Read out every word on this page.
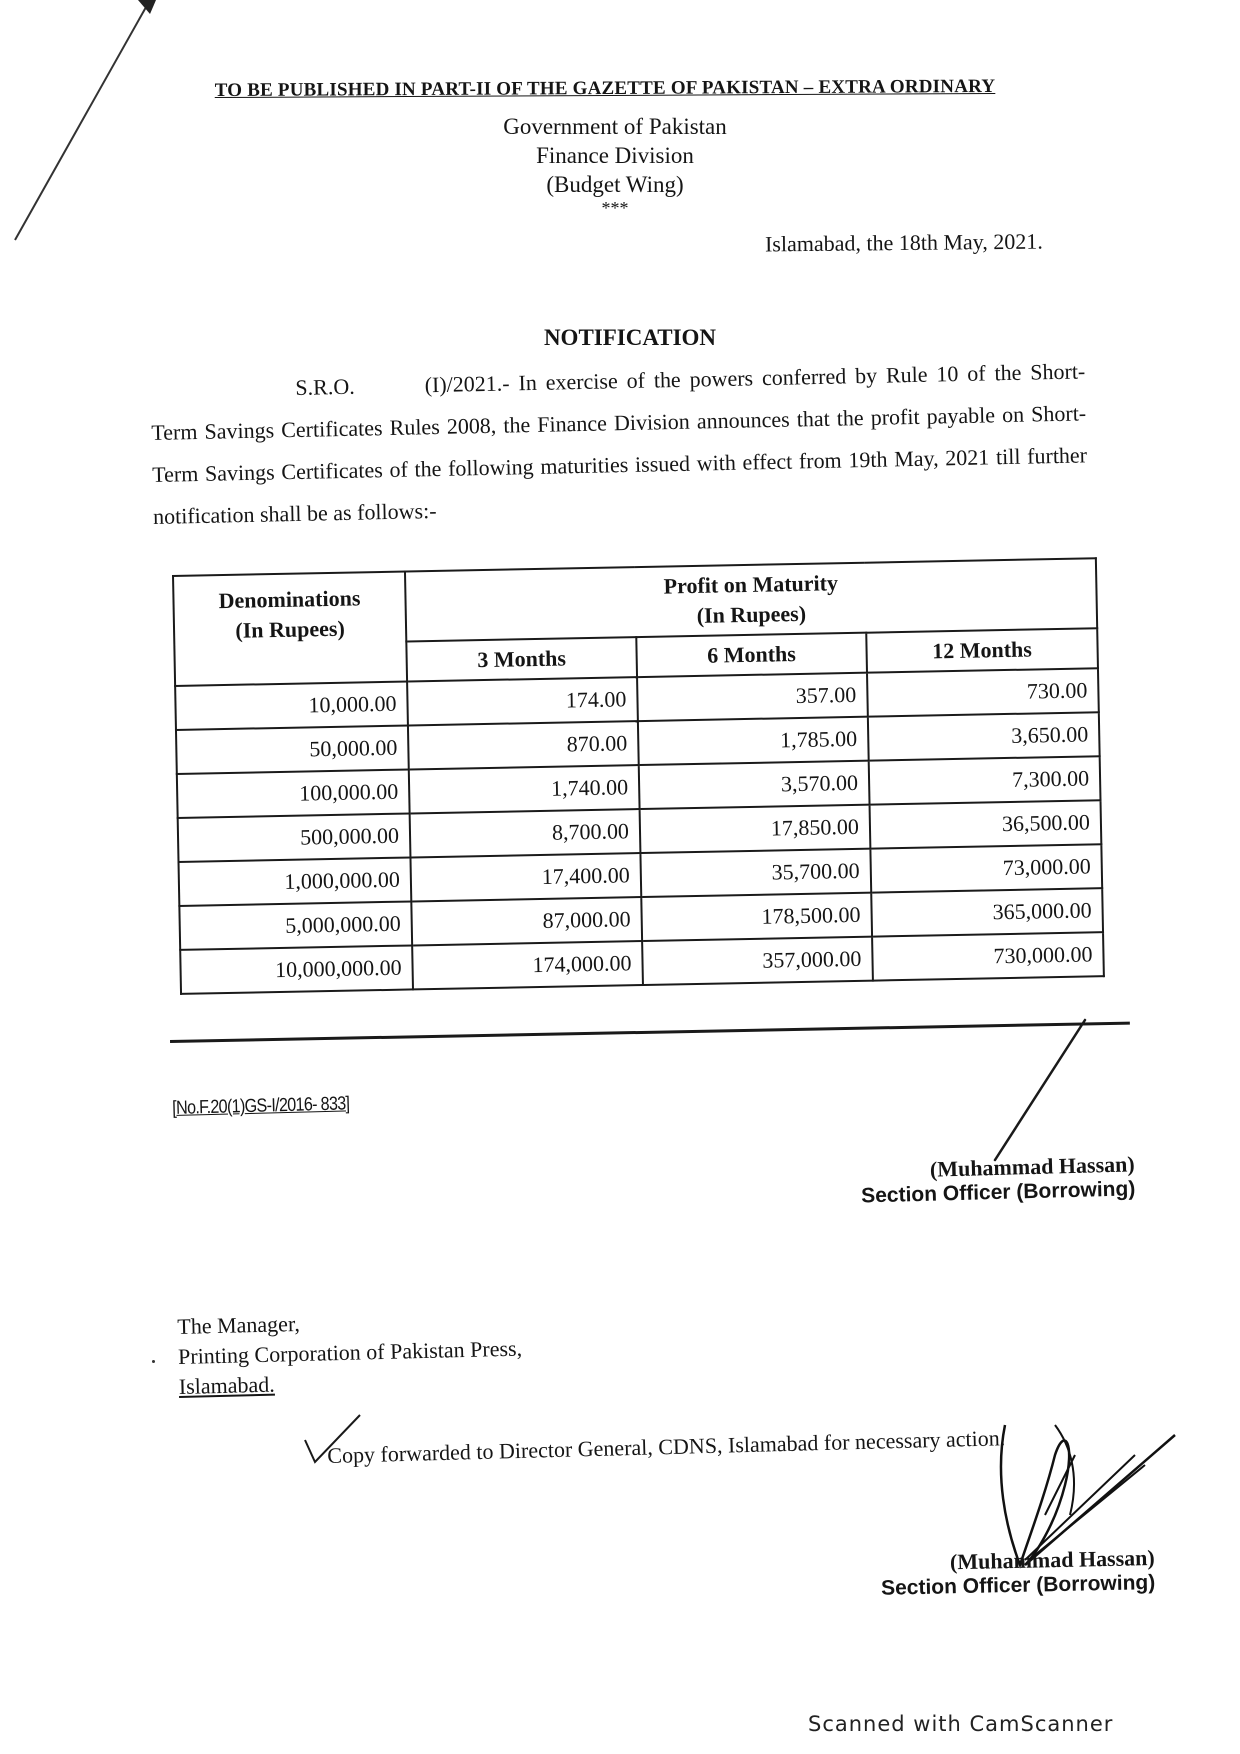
TO BE PUBLISHED IN PART-II OF THE GAZETTE OF PAKISTAN – EXTRA ORDINARY
Government of Pakistan
Finance Division
(Budget Wing)
***
Islamabad, the 18th May, 2021.
NOTIFICATION
S.R.O.	(I)/2021.- In exercise of the powers conferred by Rule 10 of the Short-Term Savings Certificates Rules 2008, the Finance Division announces that the profit payable on Short-Term Savings Certificates of the following maturities issued with effect from 19th May, 2021 till further notification shall be as follows:-
Denominations
(In Rupees)

Profit on Maturity
(In Rupees)

	3 Months	6 Months	12 Months
10,000.00	174.00	357.00	730.00
50,000.00	870.00	1,785.00	3,650.00
100,000.00	1,740.00	3,570.00	7,300.00
500,000.00	8,700.00	17,850.00	36,500.00
1,000,000.00	17,400.00	35,700.00	73,000.00
5,000,000.00	87,000.00	178,500.00	365,000.00
10,000,000.00	174,000.00	357,000.00	730,000.00
[No.F.20(1)GS-I/2016- 833]
(Muhammad Hassan)
Section Officer (Borrowing)
The Manager,
Printing Corporation of Pakistan Press,
Islamabad.
Copy forwarded to Director General, CDNS, Islamabad for necessary action.
(Muhammad Hassan)
Section Officer (Borrowing)
Scanned with CamScanner
